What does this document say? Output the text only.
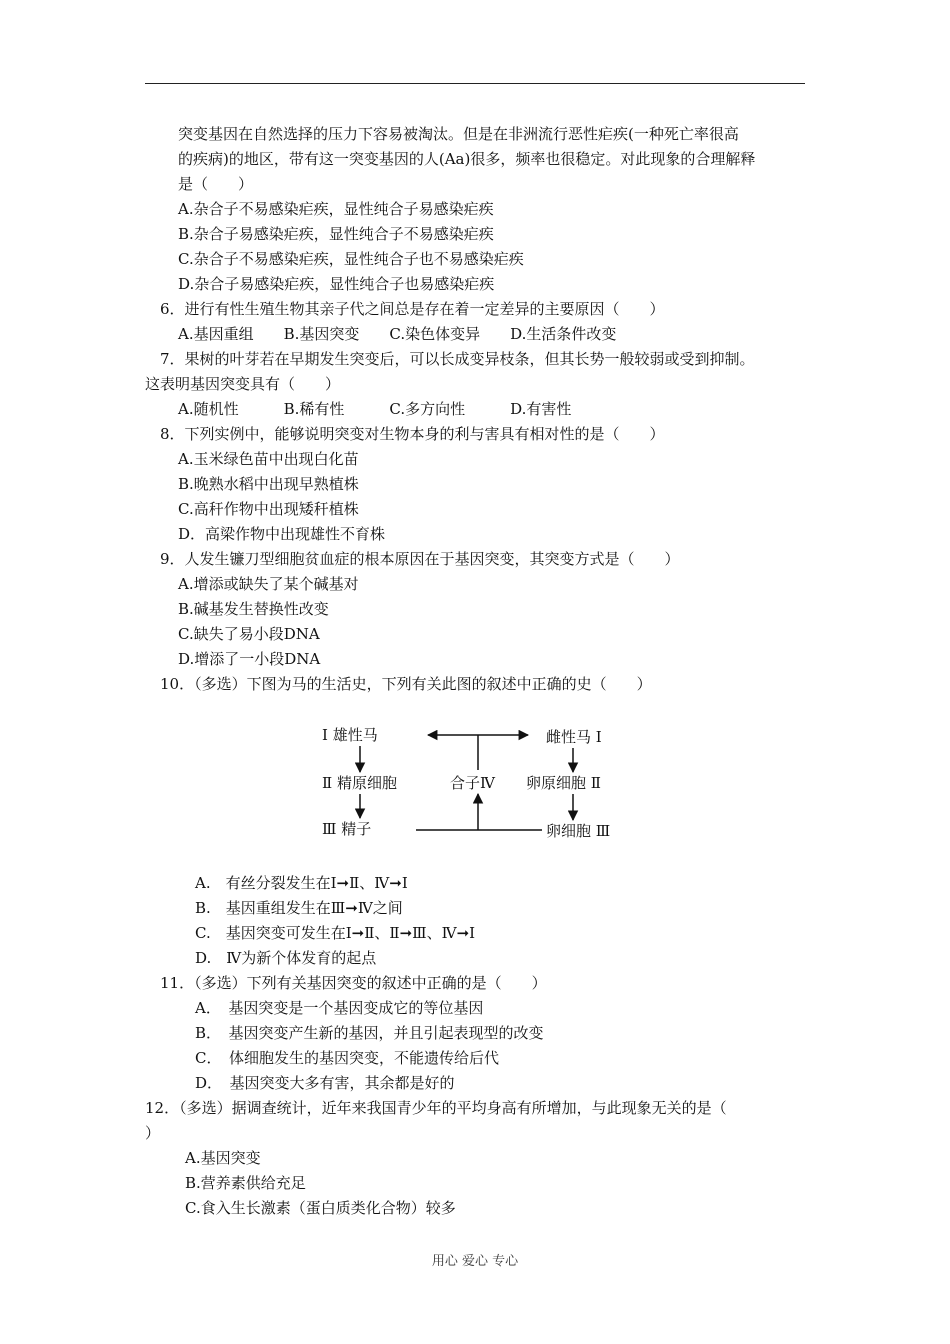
突变基因在自然选择的压力下容易被淘汰。但是在非洲流行恶性疟疾(一种死亡率很高
的疾病)的地区，带有这一突变基因的人(Aa)很多，频率也很稳定。对此现象的合理解释
是（　　）
A.杂合子不易感染疟疾，显性纯合子易感染疟疾
B.杂合子易感染疟疾，显性纯合子不易感染疟疾
C.杂合子不易感染疟疾，显性纯合子也不易感染疟疾
D.杂合子易感染疟疾，显性纯合子也易感染疟疾
6．进行有性生殖生物其亲子代之间总是存在着一定差异的主要原因（　　）
A.基因重组　　B.基因突变　　C.染色体变异　　D.生活条件改变
7．果树的叶芽若在早期发生突变后，可以长成变异枝条，但其长势一般较弱或受到抑制。
这表明基因突变具有（　　）
A.随机性　　　B.稀有性　　　C.多方向性　　　D.有害性
8．下列实例中，能够说明突变对生物本身的利与害具有相对性的是（　　）
A.玉米绿色苗中出现白化苗
B.晚熟水稻中出现早熟植株
C.高秆作物中出现矮秆植株
D．高梁作物中出现雄性不育株
9．人发生镰刀型细胞贫血症的根本原因在于基因突变，其突变方式是（　　）
A.增添或缺失了某个碱基对
B.碱基发生替换性改变
C.缺失了易小段DNA
D.增添了一小段DNA
10．（多选）下图为马的生活史，下列有关此图的叙述中正确的史（　　）
Ⅰ 雄性马	雌性马 Ⅰ
Ⅱ 精原细胞	合子Ⅳ 卵原细胞 Ⅱ
Ⅲ 精子	卵细胞 Ⅲ
A.　有丝分裂发生在Ⅰ➞Ⅱ、Ⅳ➞Ⅰ
B.　基因重组发生在Ⅲ➞Ⅳ之间
C.　基因突变可发生在Ⅰ➞Ⅱ、Ⅱ➞Ⅲ、Ⅳ➞Ⅰ
D.　Ⅳ为新个体发育的起点
11．（多选）下列有关基因突变的叙述中正确的是（　　）
A．　基因突变是一个基因变成它的等位基因
B．　基因突变产生新的基因，并且引起表现型的改变
C．　体细胞发生的基因突变，不能遗传给后代
D．　基因突变大多有害，其余都是好的
12．（多选）据调查统计，近年来我国青少年的平均身高有所增加，与此现象无关的是（
）
A.基因突变
B.营养素供给充足
C.食入生长激素（蛋白质类化合物）较多
用心 爱心 专心
